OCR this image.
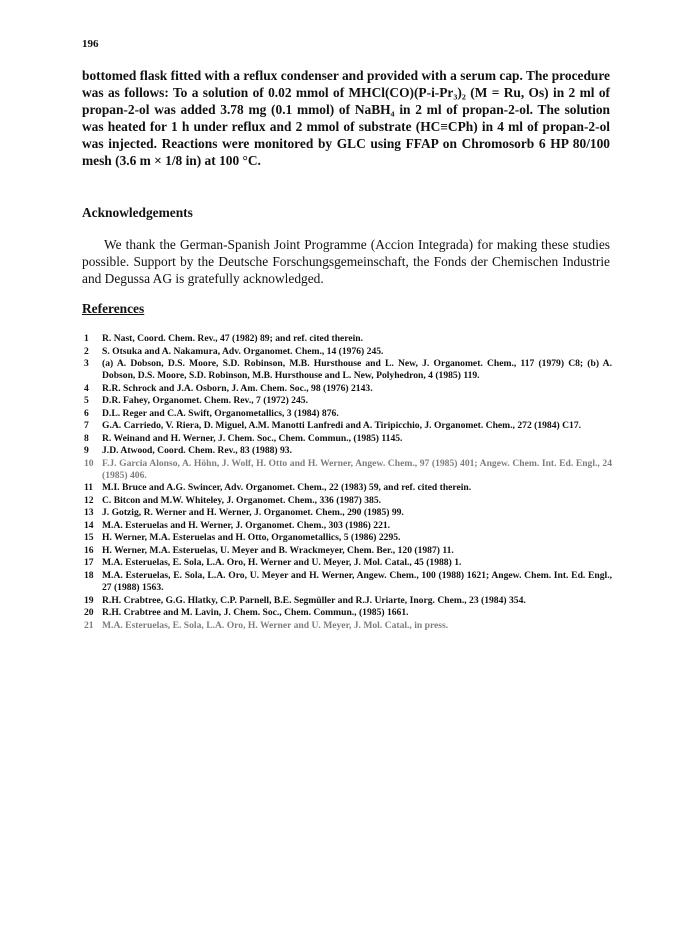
196
bottomed flask fitted with a reflux condenser and provided with a serum cap. The procedure was as follows: To a solution of 0.02 mmol of MHCl(CO)(P-i-Pr₃)₂ (M = Ru, Os) in 2 ml of propan-2-ol was added 3.78 mg (0.1 mmol) of NaBH₄ in 2 ml of propan-2-ol. The solution was heated for 1 h under reflux and 2 mmol of substrate (HC≡CPh) in 4 ml of propan-2-ol was injected. Reactions were monitored by GLC using FFAP on Chromosorb 6 HP 80/100 mesh (3.6 m × 1/8 in) at 100 °C.
Acknowledgements

We thank the German-Spanish Joint Programme (Accion Integrada) for making these studies possible. Support by the Deutsche Forschungsgemeinschaft, the Fonds der Chemischen Industrie and Degussa AG is gratefully acknowledged.

References
1	R. Nast, Coord. Chem. Rev., 47 (1982) 89; and ref. cited therein.
2	S. Otsuka and A. Nakamura, Adv. Organomet. Chem., 14 (1976) 245.
3	(a) A. Dobson, D.S. Moore, S.D. Robinson, M.B. Hursthouse and L. New, J. Organomet. Chem., 117 (1979) C8; (b) A. Dobson, D.S. Moore, S.D. Robinson, M.B. Hursthouse and L. New, Polyhedron, 4 (1985) 119.
4	R.R. Schrock and J.A. Osborn, J. Am. Chem. Soc., 98 (1976) 2143.
5	D.R. Fahey, Organomet. Chem. Rev., 7 (1972) 245.
6	D.L. Reger and C.A. Swift, Organometallics, 3 (1984) 876.
7	G.A. Carriedo, V. Riera, D. Miguel, A.M. Manotti Lanfredi and A. Tiripicchio, J. Organomet. Chem., 272 (1984) C17.
8	R. Weinand and H. Werner, J. Chem. Soc., Chem. Commun., (1985) 1145.
9	J.D. Atwood, Coord. Chem. Rev., 83 (1988) 93.
10 F.J. Garcia Alonso, A. Höhn, J. Wolf, H. Otto and H. Werner, Angew. Chem., 97 (1985) 401; Angew. Chem. Int. Ed. Engl., 24 (1985) 406.
11 M.I. Bruce and A.G. Swincer, Adv. Organomet. Chem., 22 (1983) 59, and ref. cited therein.
12 C. Bitcon and M.W. Whiteley, J. Organomet. Chem., 336 (1987) 385.
13 J. Gotzig, R. Werner and H. Werner, J. Organomet. Chem., 290 (1985) 99.
14 M.A. Esteruelas and H. Werner, J. Organomet. Chem., 303 (1986) 221.
15 H. Werner, M.A. Esteruelas and H. Otto, Organometallics, 5 (1986) 2295.
16 H. Werner, M.A. Esteruelas, U. Meyer and B. Wrackmeyer, Chem. Ber., 120 (1987) 11.
17 M.A. Esteruelas, E. Sola, L.A. Oro, H. Werner and U. Meyer, J. Mol. Catal., 45 (1988) 1.
18 M.A. Esteruelas, E. Sola, L.A. Oro, U. Meyer and H. Werner, Angew. Chem., 100 (1988) 1621; Angew. Chem. Int. Ed. Engl., 27 (1988) 1563.
19 R.H. Crabtree, G.G. Hlatky, C.P. Parnell, B.E. Segmüller and R.J. Uriarte, Inorg. Chem., 23 (1984) 354.
20 R.H. Crabtree and M. Lavin, J. Chem. Soc., Chem. Commun., (1985) 1661.
21 M.A. Esteruelas, E. Sola, L.A. Oro, H. Werner and U. Meyer, J. Mol. Catal., in press.
